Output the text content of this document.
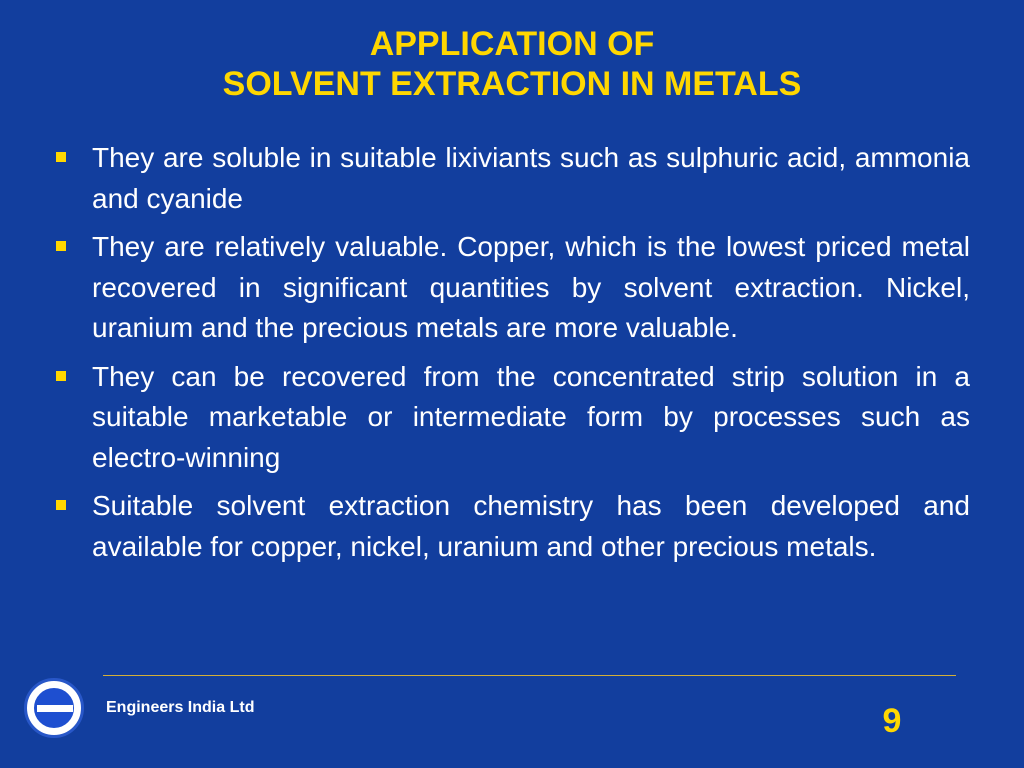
APPLICATION OF
SOLVENT EXTRACTION IN METALS
They are soluble in suitable lixiviants such as sulphuric acid, ammonia and cyanide
They are relatively valuable. Copper, which is the lowest priced metal recovered in significant quantities by solvent extraction. Nickel, uranium and the precious metals are more valuable.
They can be recovered from the concentrated strip solution in a suitable marketable or intermediate form by processes such as electro-winning
Suitable solvent extraction chemistry has been developed and available for copper, nickel, uranium and other precious metals.
Engineers India Ltd	9
